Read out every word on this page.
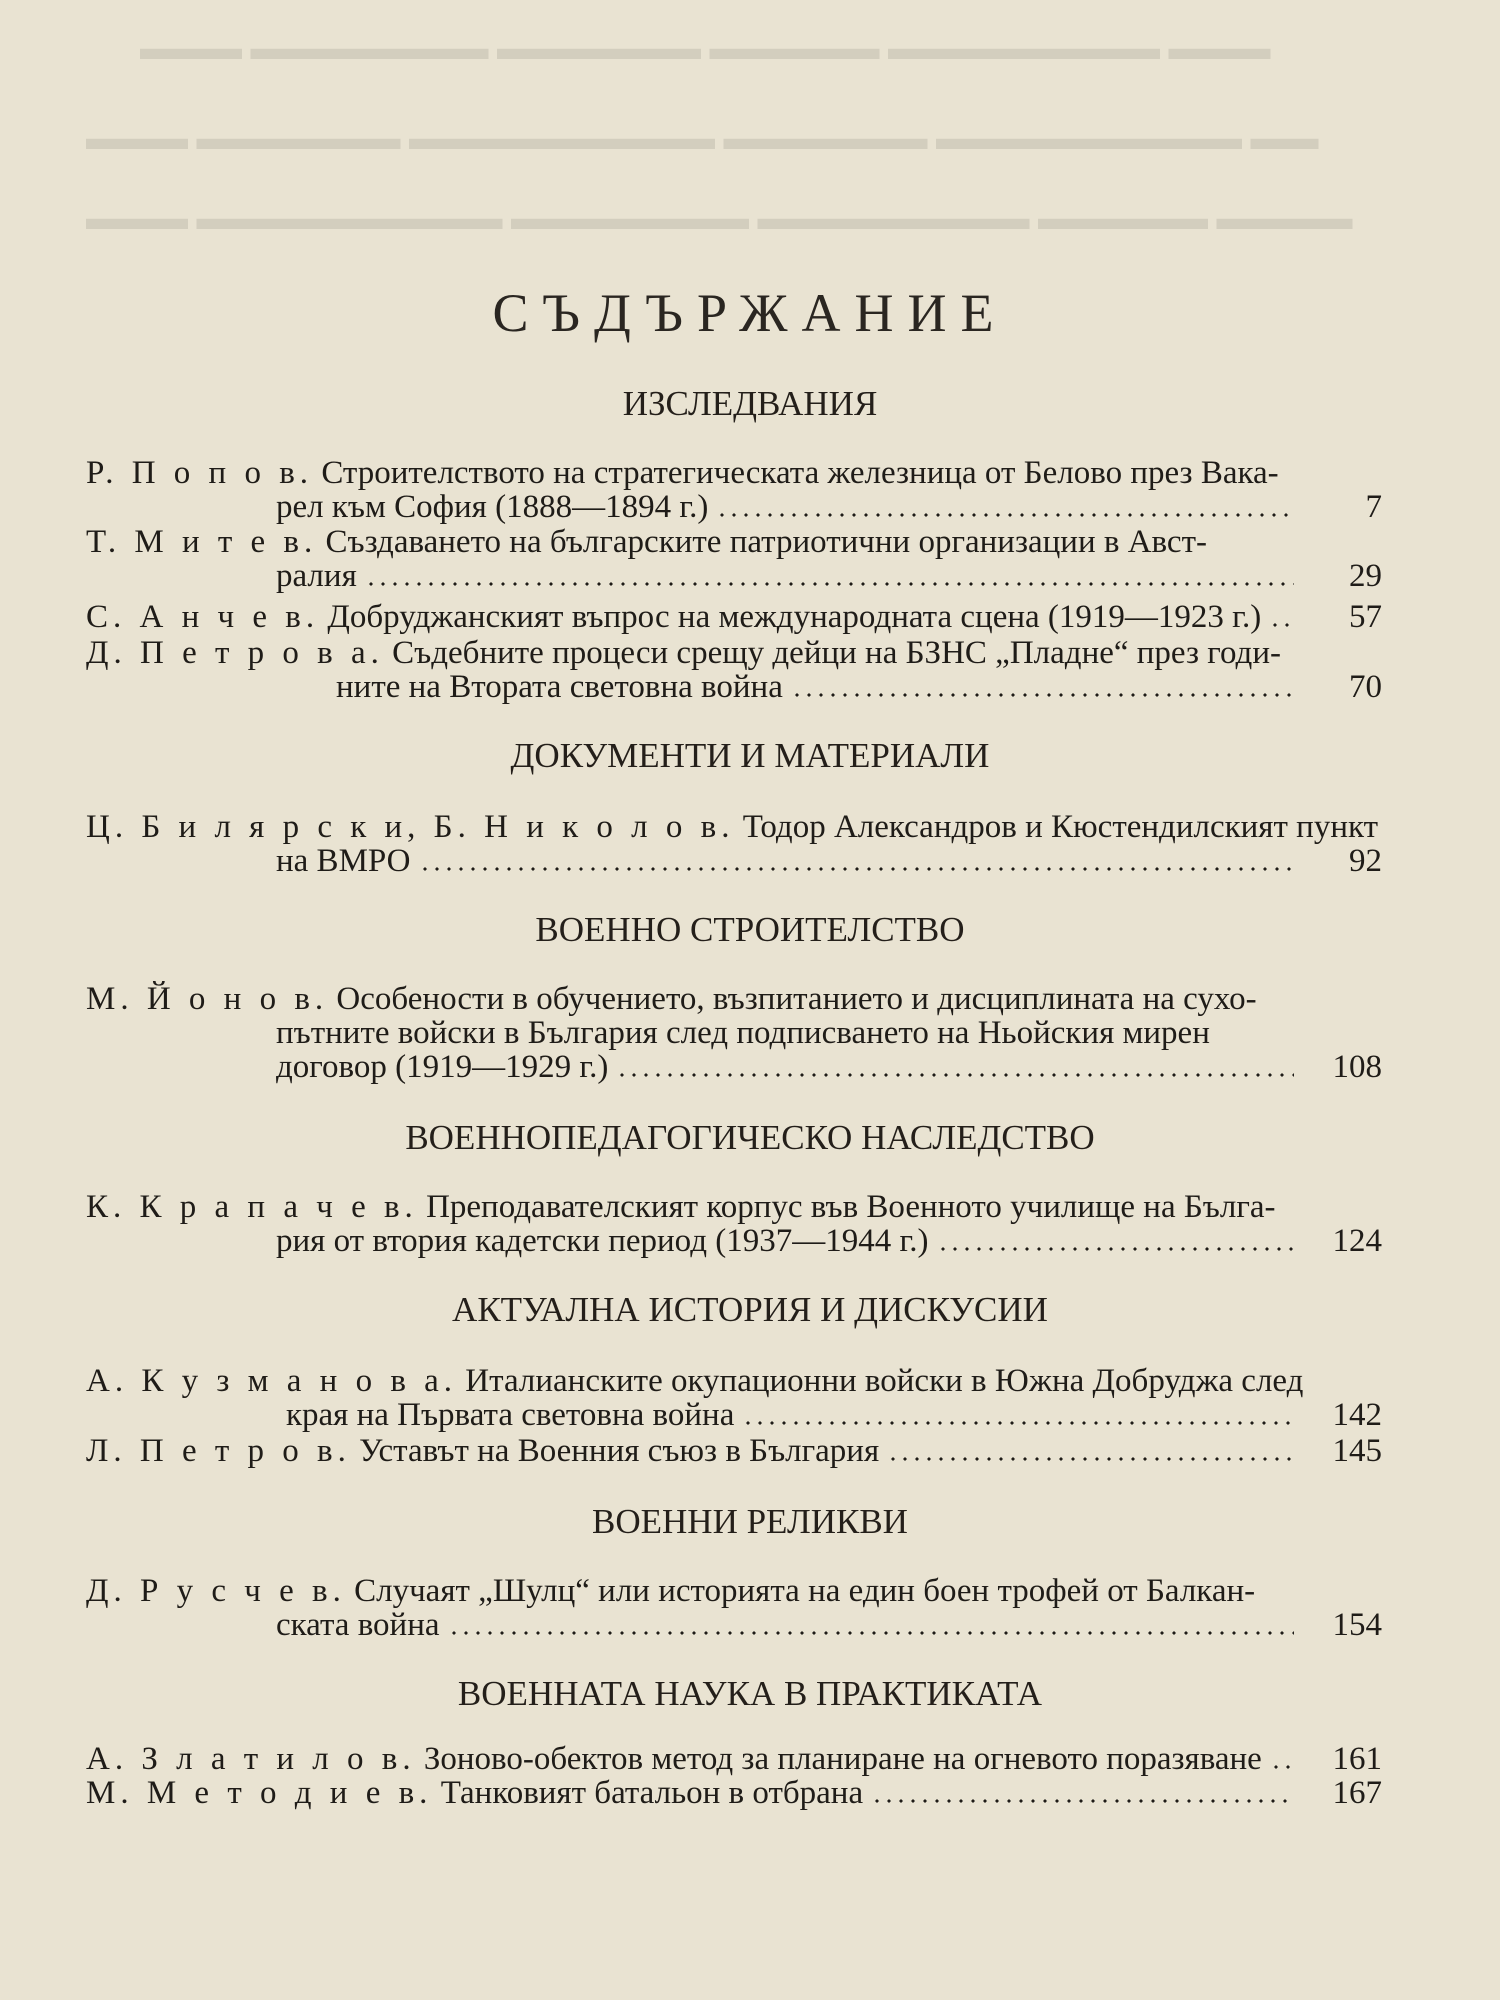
▬▬▬ ▬▬▬▬▬▬▬ ▬▬▬▬▬▬ ▬▬▬▬▬ ▬▬▬▬▬▬▬▬ ▬▬▬
▬▬▬ ▬▬▬▬▬▬ ▬▬▬▬▬▬▬▬▬ ▬▬▬▬▬▬ ▬▬▬▬▬▬▬▬▬ ▬▬
▬▬▬ ▬▬▬▬▬▬▬▬▬ ▬▬▬▬▬▬▬ ▬▬▬▬▬▬▬▬ ▬▬▬▬▬ ▬▬▬▬
СЪДЪРЖАНИЕ
ИЗСЛЕДВАНИЯ
Р. П о п о в. Строителството на стратегическата железница от Белово през Вака-
рел към София (1888—1894 г.)	7
Т. М и т е в. Създаването на българските патриотични организации в Авст-
ралия	29
С. А н ч е в. Добруджанският въпрос на международната сцена (1919—1923 г.)	57
Д. П е т р о в а. Съдебните процеси срещу дейци на БЗНС „Пладне“ през годи-
ните на Втората световна война	70
ДОКУМЕНТИ И МАТЕРИАЛИ
Ц. Б и л я р с к и, Б. Н и к о л о в. Тодор Александров и Кюстендилският пункт
на ВМРО	92
ВОЕННО СТРОИТЕЛСТВО
М. Й о н о в. Особености в обучението, възпитанието и дисциплината на сухо-
пътните войски в България след подписването на Ньойския мирен
договор (1919—1929 г.)	108
ВОЕННОПЕДАГОГИЧЕСКО НАСЛЕДСТВО
К. К р а п а ч е в. Преподавателският корпус във Военното училище на Бълга-
рия от втория кадетски период (1937—1944 г.)	124
АКТУАЛНА ИСТОРИЯ И ДИСКУСИИ
А. К у з м а н о в а. Италианските окупационни войски в Южна Добруджа след
края на Първата световна война	142
Л. П е т р о в. Уставът на Военния съюз в България	145
ВОЕННИ РЕЛИКВИ
Д. Р у с ч е в. Случаят „Шулц“ или историята на един боен трофей от Балкан-
ската война	154
ВОЕННАТА НАУКА В ПРАКТИКАТА
А. З л а т и л о в. Зоново-обектов метод за планиране на огневото поразяване	161
М. М е т о д и е в. Танковият батальон в отбрана	167
